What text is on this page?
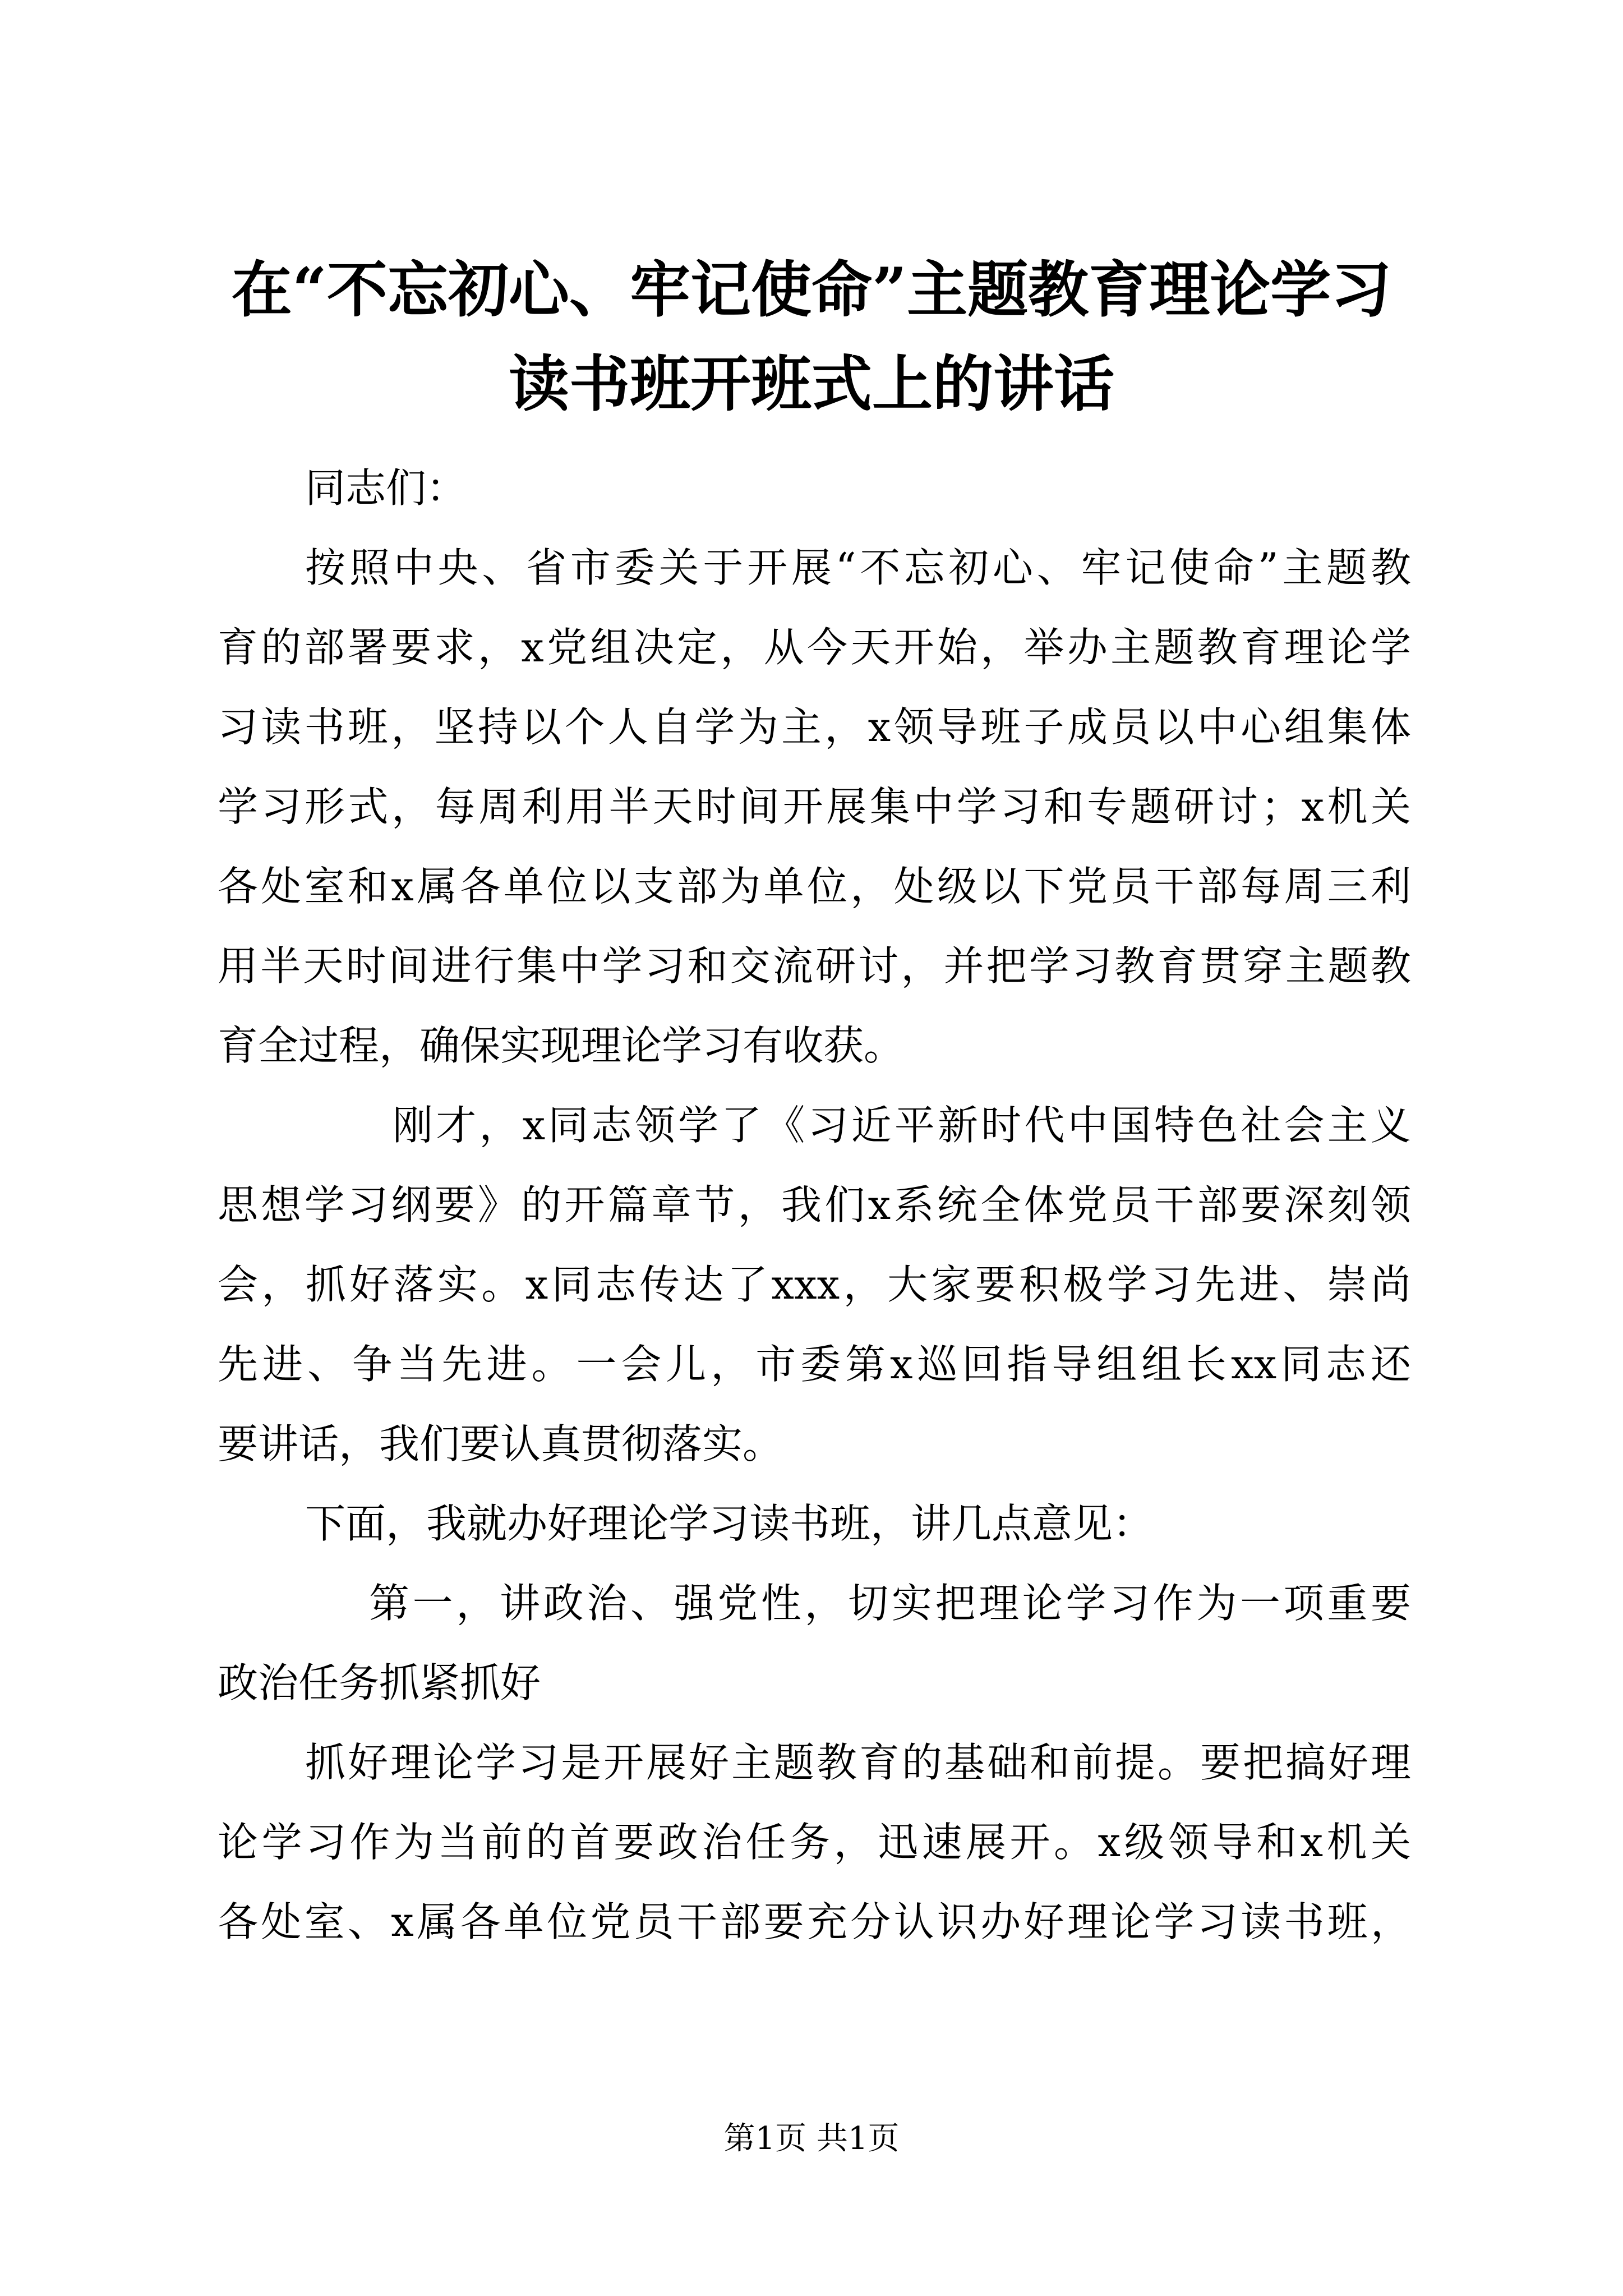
在“不忘初心、牢记使命”主题教育理论学习
读书班开班式上的讲话

同志们：

按照中央、省市委关于开展“不忘初心、牢记使命”主题教

育的部署要求，x党组决定，从今天开始，举办主题教育理论学

习读书班，坚持以个人自学为主，x领导班子成员以中心组集体

学习形式，每周利用半天时间开展集中学习和专题研讨；x机关

各处室和x属各单位以支部为单位，处级以下党员干部每周三利

用半天时间进行集中学习和交流研讨，并把学习教育贯穿主题教

育全过程，确保实现理论学习有收获。

刚才，x同志领学了《习近平新时代中国特色社会主义

思想学习纲要》的开篇章节，我们x系统全体党员干部要深刻领

会，抓好落实。x同志传达了xxx，大家要积极学习先进、崇尚

先进、争当先进。一会儿，市委第x巡回指导组组长xx同志还

要讲话，我们要认真贯彻落实。

下面，我就办好理论学习读书班，讲几点意见：

第一，讲政治、强党性，切实把理论学习作为一项重要

政治任务抓紧抓好

抓好理论学习是开展好主题教育的基础和前提。要把搞好理

论学习作为当前的首要政治任务，迅速展开。x级领导和x机关

各处室、x属各单位党员干部要充分认识办好理论学习读书班，

第1页 共1页
